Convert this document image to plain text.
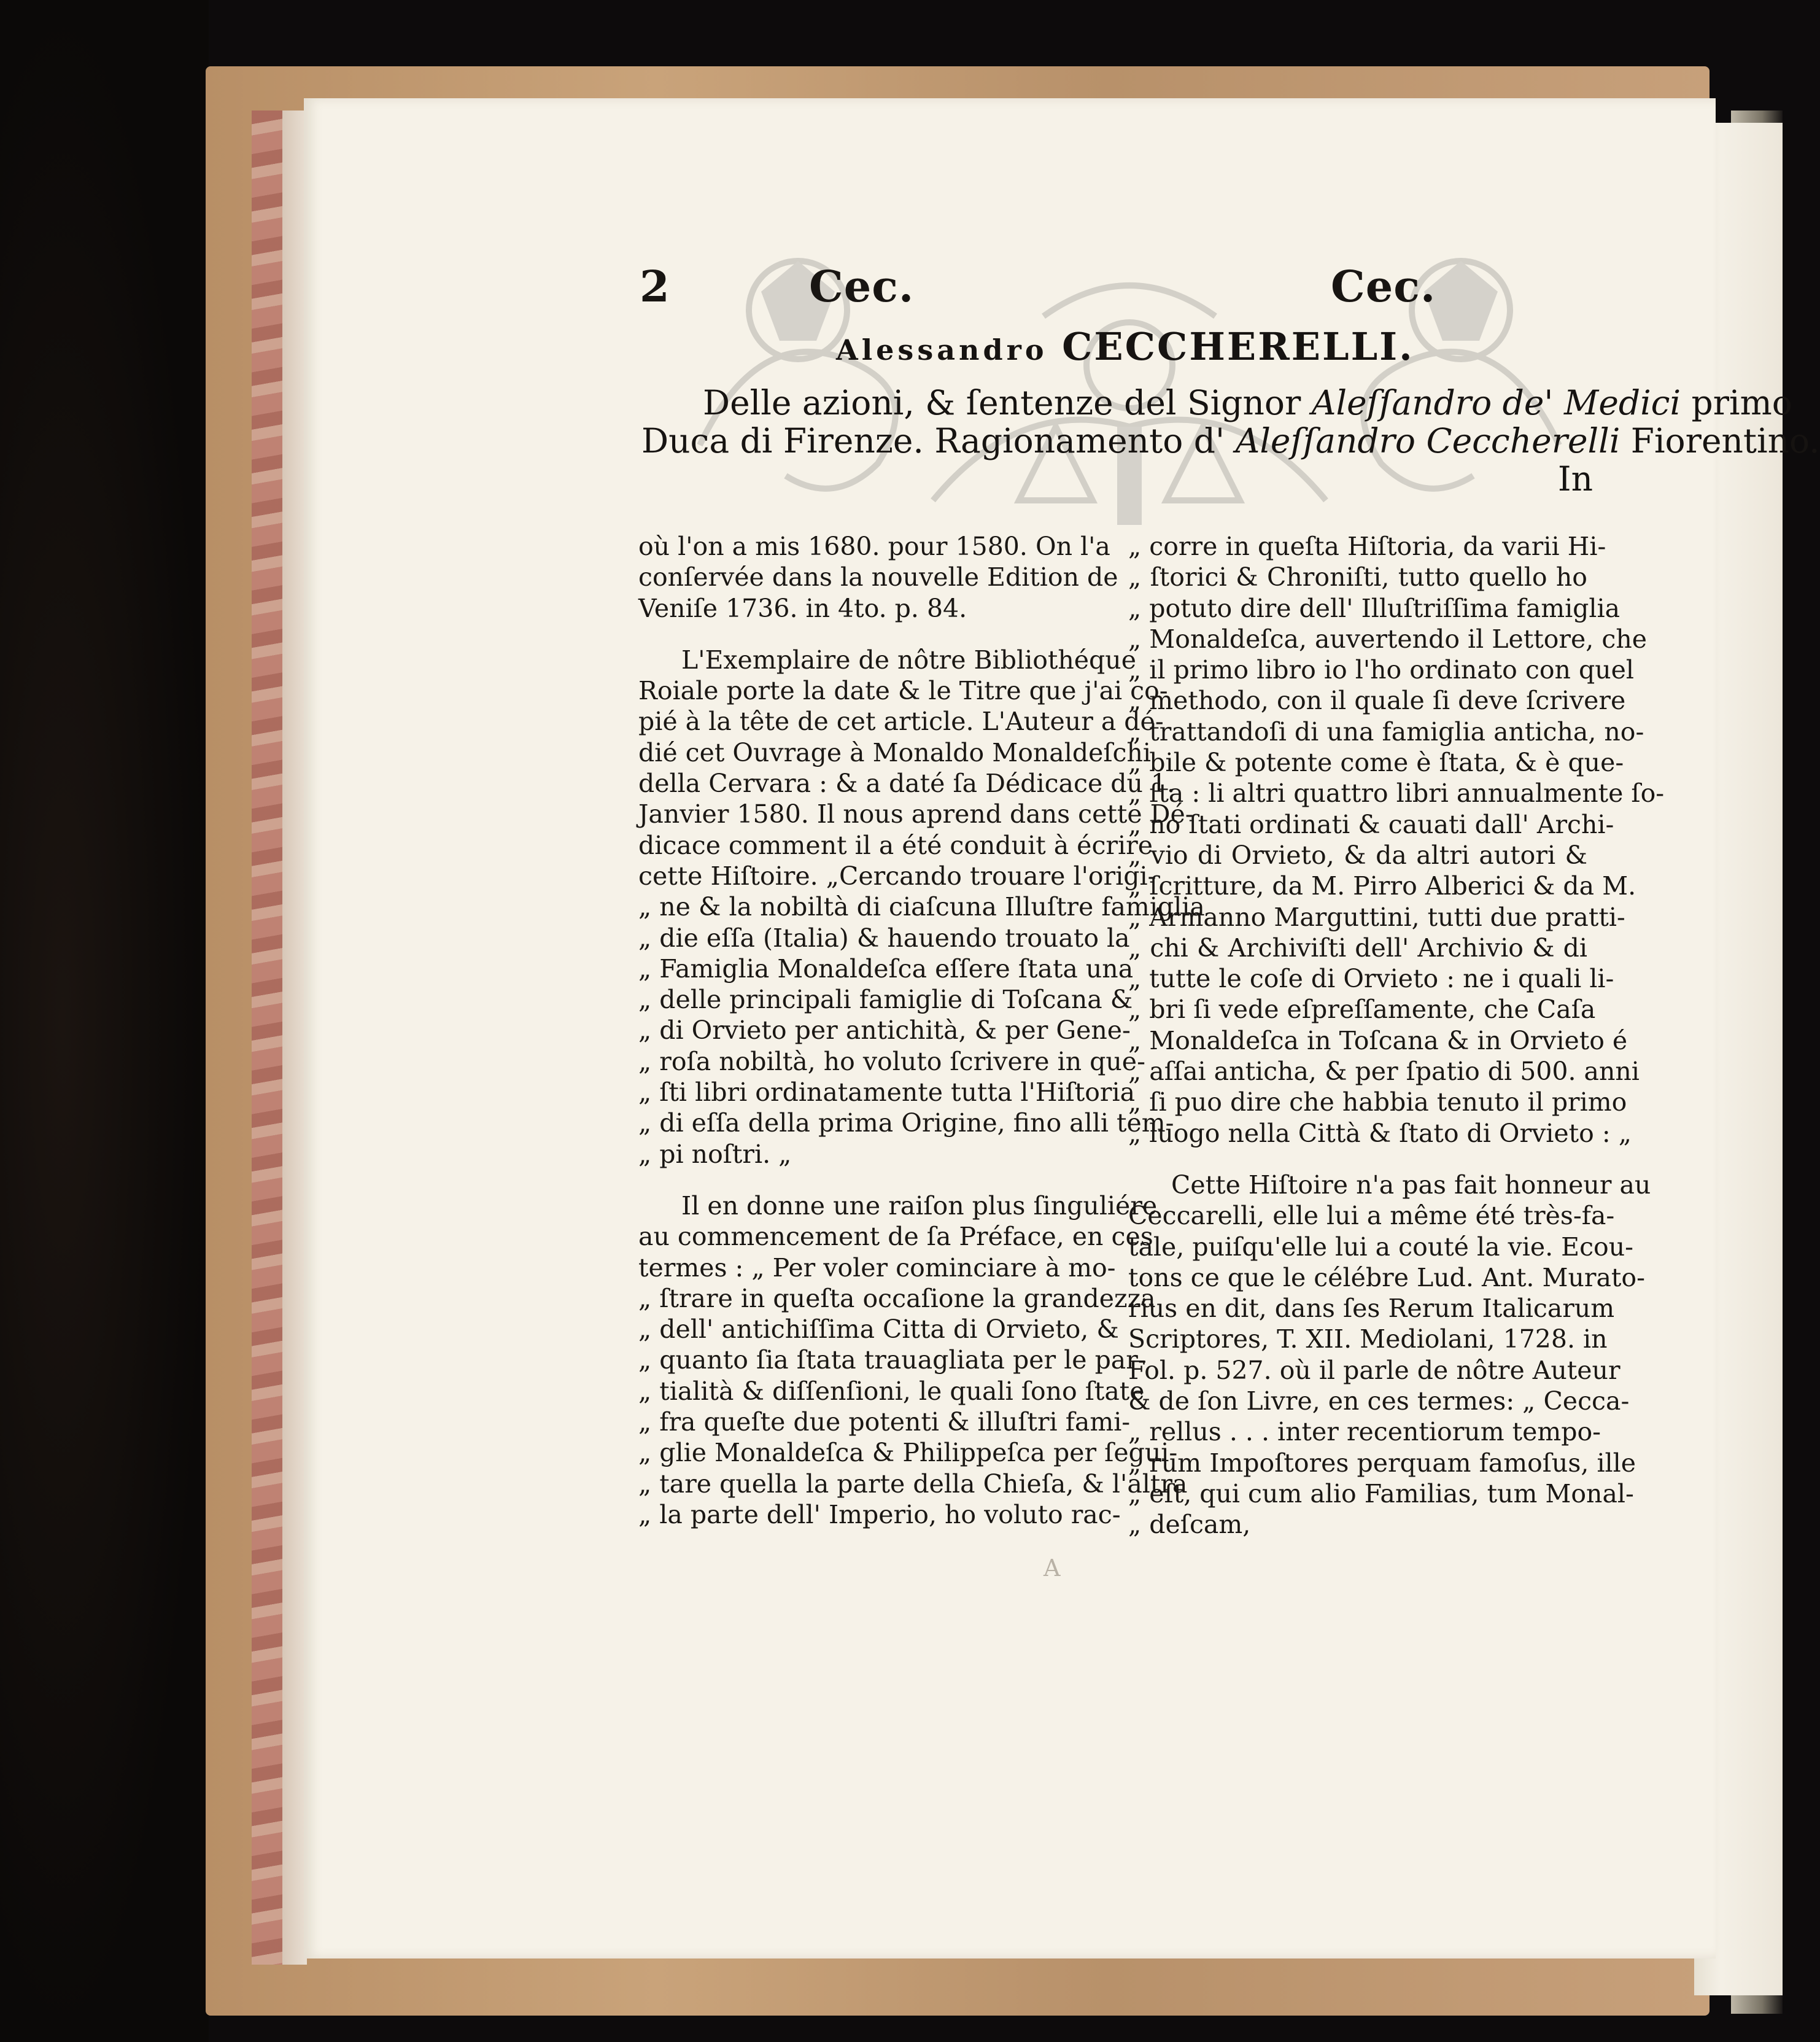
2	Cec.	Cec.
Alessandro CECCHERELLI.
Delle azioni, & ſentenze del Signor Aleſſandro de' Medici primo
Duca di Firenze. Ragionamento d' Aleſſandro Ceccherelli Fiorentino.
In
où l'on a mis 1680. pour 1580. On l'a
conſervée dans la nouvelle Edition de
Veniſe 1736. in 4to. p. 84.
L'Exemplaire de nôtre Bibliothéque
Roiale porte la date & le Titre que j'ai co-
pié à la tête de cet article. L'Auteur a dé-
dié cet Ouvrage à Monaldo Monaldeſchi
della Cervara : & a daté ſa Dédicace du 1.
Janvier 1580. Il nous aprend dans cette Dé-
dicace comment il a été conduit à écrire
cette Hiſtoire. „Cercando trouare l'origi-
„ ne & la nobiltà di ciaſcuna Illuſtre famiglia
„ die eſſa (Italia) & hauendo trouato la
„ Famiglia Monaldeſca eſſere ſtata una
„ delle principali famiglie di Toſcana &
„ di Orvieto per antichità, & per Gene-
„ roſa nobiltà, ho voluto ſcrivere in que-
„ ſti libri ordinatamente tutta l'Hiſtoria
„ di eſſa della prima Origine, fino alli tem-
„ pi noſtri. „
Il en donne une raiſon plus ſinguliére
au commencement de ſa Préface, en ces
termes : „ Per voler cominciare à mo-
„ ſtrare in queſta occaſione la grandezza
„ dell' antichiſſima Citta di Orvieto, &
„ quanto ſia ſtata trauagliata per le par-
„ tialità & diſſenſioni, le quali ſono ſtate
„ fra queſte due potenti & illuſtri fami-
„ glie Monaldeſca & Philippeſca per ſegui-
„ tare quella la parte della Chieſa, & l'altra
„ la parte dell' Imperio, ho voluto rac-
„ corre in queſta Hiſtoria, da varii Hi-
„ ſtorici & Chroniſti, tutto quello ho
„ potuto dire dell' Illuſtriſſima famiglia
„ Monaldeſca, auvertendo il Lettore, che
„ il primo libro io l'ho ordinato con quel
„ methodo, con il quale ſi deve ſcrivere
„ trattandoſi di una famiglia anticha, no-
„ bile & potente come è ſtata, & è que-
„ ſta : li altri quattro libri annualmente ſo-
„ no ſtati ordinati & cauati dall' Archi-
„ vio di Orvieto, & da altri autori &
„ ſcritture, da M. Pirro Alberici & da M.
„ Armanno Marguttini, tutti due pratti-
„ chi & Archiviſti dell' Archivio & di
„ tutte le coſe di Orvieto : ne i quali li-
„ bri ſi vede eſpreſſamente, che Caſa
„ Monaldeſca in Toſcana & in Orvieto é
„ aſſai anticha, & per ſpatio di 500. anni
„ ſi puo dire che habbia tenuto il primo
„ luogo nella Città & ſtato di Orvieto : „
Cette Hiſtoire n'a pas fait honneur au
Ceccarelli, elle lui a même été très-fa-
tale, puiſqu'elle lui a couté la vie. Ecou-
tons ce que le célébre Lud. Ant. Murato-
rius en dit, dans ſes Rerum Italicarum
Scriptores, T. XII. Mediolani, 1728. in
Fol. p. 527. où il parle de nôtre Auteur
& de ſon Livre, en ces termes: „ Cecca-
„ rellus . . . inter recentiorum tempo-
„ rum Impoſtores perquam famoſus, ille
„ eſt, qui cum alio Familias, tum Monal-
„ deſcam,
A
